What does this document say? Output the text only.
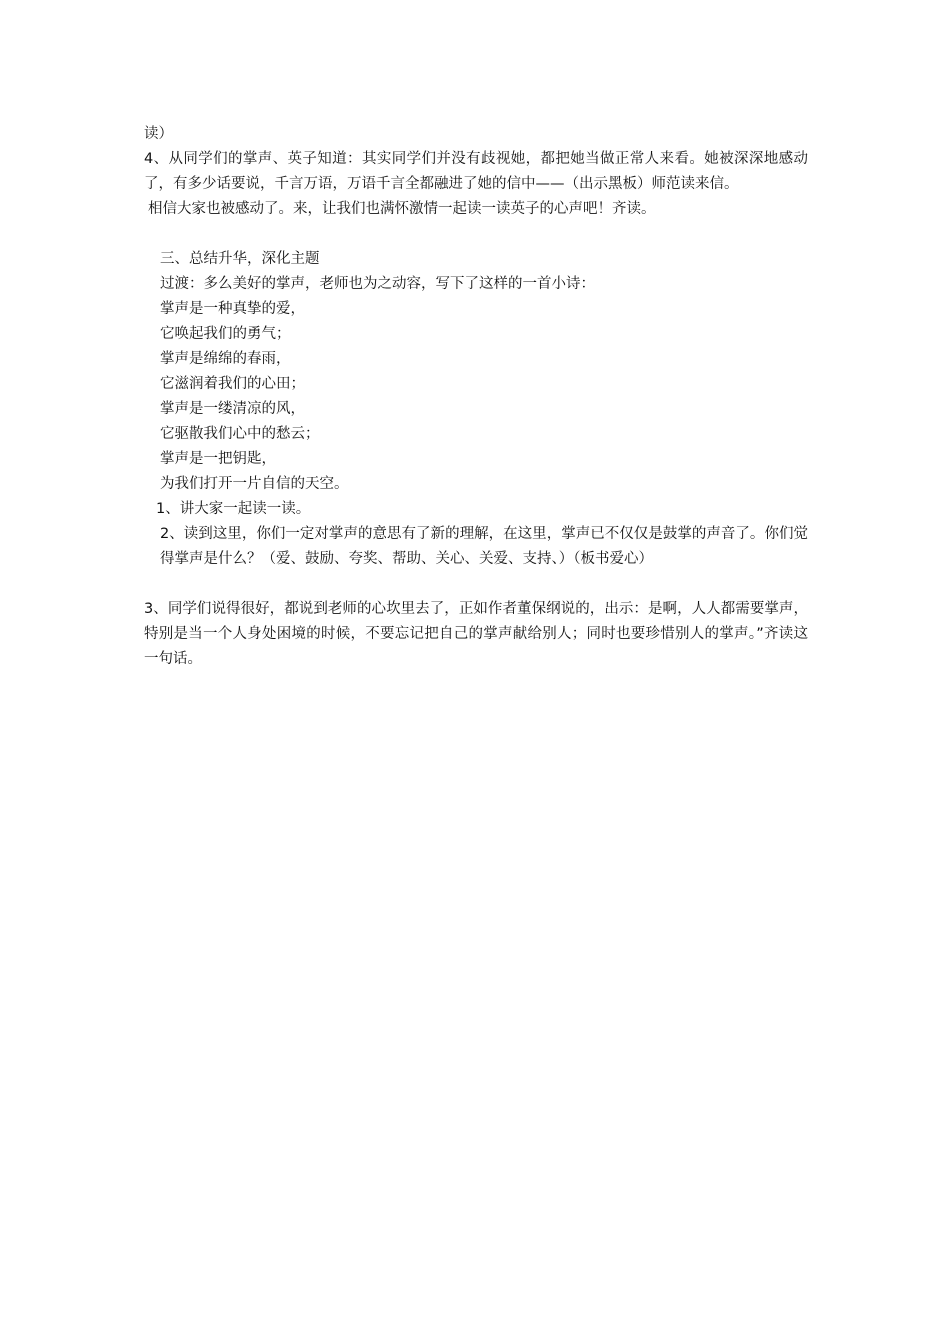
读）

4、从同学们的掌声、英子知道：其实同学们并没有歧视她，都把她当做正常人来看。她被深深地感动了，有多少话要说，千言万语，万语千言全都融进了她的信中——（出示黑板）师范读来信。

相信大家也被感动了。来，让我们也满怀激情一起读一读英子的心声吧！齐读。

三、总结升华，深化主题

过渡：多么美好的掌声，老师也为之动容，写下了这样的一首小诗：

掌声是一种真挚的爱，

它唤起我们的勇气；

掌声是绵绵的春雨，

它滋润着我们的心田；

掌声是一缕清凉的风，

它驱散我们心中的愁云；

掌声是一把钥匙，

为我们打开一片自信的天空。

1、讲大家一起读一读。

2、读到这里，你们一定对掌声的意思有了新的理解，在这里，掌声已不仅仅是鼓掌的声音了。你们觉得掌声是什么？（爱、鼓励、夸奖、帮助、关心、关爱、支持、）（板书爱心）

3、同学们说得很好，都说到老师的心坎里去了，正如作者董保纲说的，出示：是啊，人人都需要掌声，特别是当一个人身处困境的时候，不要忘记把自己的掌声献给别人；同时也要珍惜别人的掌声。”齐读这一句话。
